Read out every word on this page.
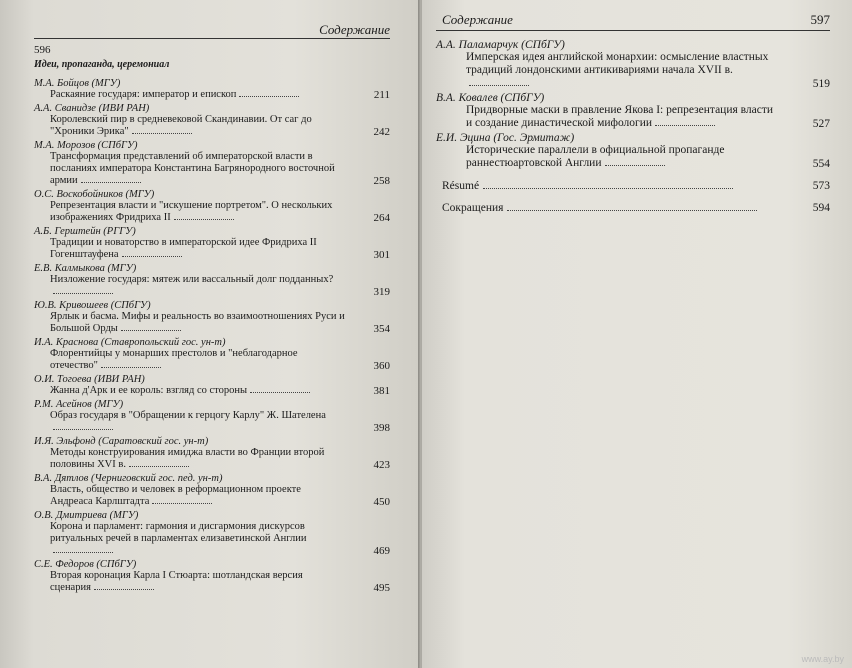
596
Содержание
Идеи, пропаганда, церемониал
М.А. Бойцов (МГУ)
Раскаяние государя: император и епископ	211
А.А. Сванидзе (ИВИ РАН)
Королевский пир в средневековой Скандинавии. От саг до "Хроники Эрика"	242
М.А. Морозов (СПбГУ)
Трансформация представлений об императорской власти в посланиях императора Константина Багрянородного восточной армии	258
О.С. Воскобойников (МГУ)
Репрезентация власти и "искушение портретом". О нескольких изображениях Фридриха II	264
А.Б. Герштейн (РГГУ)
Традиции и новаторство в императорской идее Фридриха II Гогенштауфена	301
Е.В. Калмыкова (МГУ)
Низложение государя: мятеж или вассальный долг подданных?
319
Ю.В. Кривошеев (СПбГУ)
Ярлык и басма. Мифы и реальность во взаимоотношениях Руси и Большой Орды	354
И.А. Краснова (Ставропольский гос. ун-т)
Флорентийцы у монарших престолов и "неблагодарное отечество"	360
О.И. Тогоева (ИВИ РАН)
Жанна д'Арк и ее король: взгляд со стороны	381
Р.М. Асейнов (МГУ)
Образ государя в "Обращении к герцогу Карлу" Ж. Шателена
398
И.Я. Эльфонд (Саратовский гос. ун-т)
Методы конструирования имиджа власти во Франции второй половины XVI в.	423
В.А. Дятлов (Черниговский гос. пед. ун-т)
Власть, общество и человек в реформационном проекте Андреаса Карлштадта	450
О.В. Дмитриева (МГУ)
Корона и парламент: гармония и дисгармония дискурсов ритуальных речей в парламентах елизаветинской Англии
469
С.Е. Федоров (СПбГУ)
Вторая коронация Карла I Стюарта: шотландская версия сценария	495
Содержание	597
А.А. Паламарчук (СПбГУ)
Имперская идея английской монархии: осмысление властных традиций лондонскими антикивариями начала XVII в.
519
В.А. Ковалев (СПбГУ)
Придворные маски в правление Якова I: репрезентация власти и создание династической мифологии	527
Е.И. Эцина (Гос. Эрмитаж)
Исторические параллели в официальной пропаганде раннестюартовской Англии	554
Résumé	573
Сокращения	594
www.ay.by
